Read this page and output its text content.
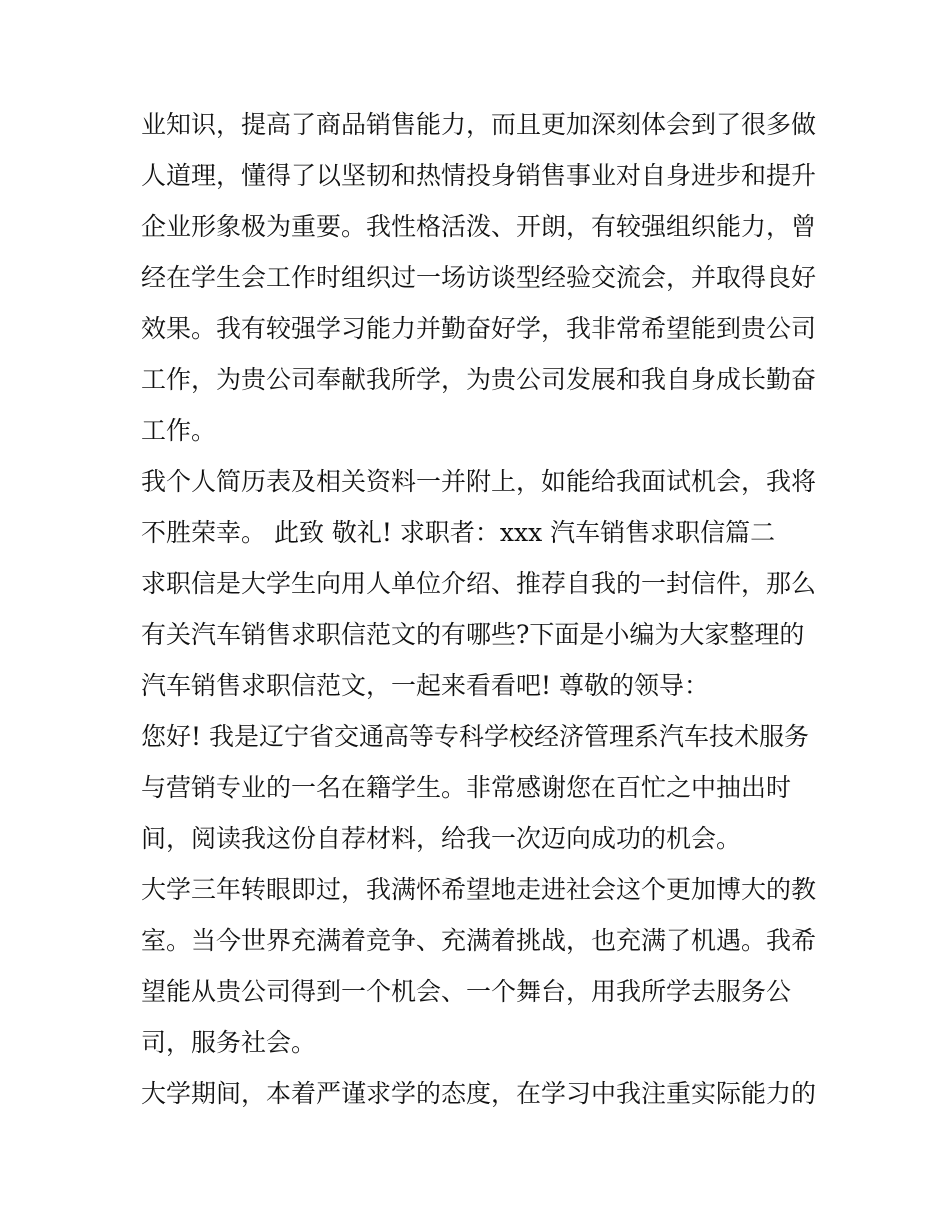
业知识，提高了商品销售能力，而且更加深刻体会到了很多做

人道理，懂得了以坚韧和热情投身销售事业对自身进步和提升

企业形象极为重要。我性格活泼、开朗，有较强组织能力，曾

经在学生会工作时组织过一场访谈型经验交流会，并取得良好

效果。我有较强学习能力并勤奋好学，我非常希望能到贵公司

工作，为贵公司奉献我所学，为贵公司发展和我自身成长勤奋

工作。

我个人简历表及相关资料一并附上，如能给我面试机会，我将

不胜荣幸。 此致 敬礼! 求职者：xxx 汽车销售求职信篇二

求职信是大学生向用人单位介绍、推荐自我的一封信件，那么

有关汽车销售求职信范文的有哪些?下面是小编为大家整理的

汽车销售求职信范文，一起来看看吧! 尊敬的领导：

您好! 我是辽宁省交通高等专科学校经济管理系汽车技术服务

与营销专业的一名在籍学生。非常感谢您在百忙之中抽出时

间，阅读我这份自荐材料，给我一次迈向成功的机会。

大学三年转眼即过，我满怀希望地走进社会这个更加博大的教

室。当今世界充满着竞争、充满着挑战，也充满了机遇。我希

望能从贵公司得到一个机会、一个舞台，用我所学去服务公

司，服务社会。

大学期间，本着严谨求学的态度，在学习中我注重实际能力的
